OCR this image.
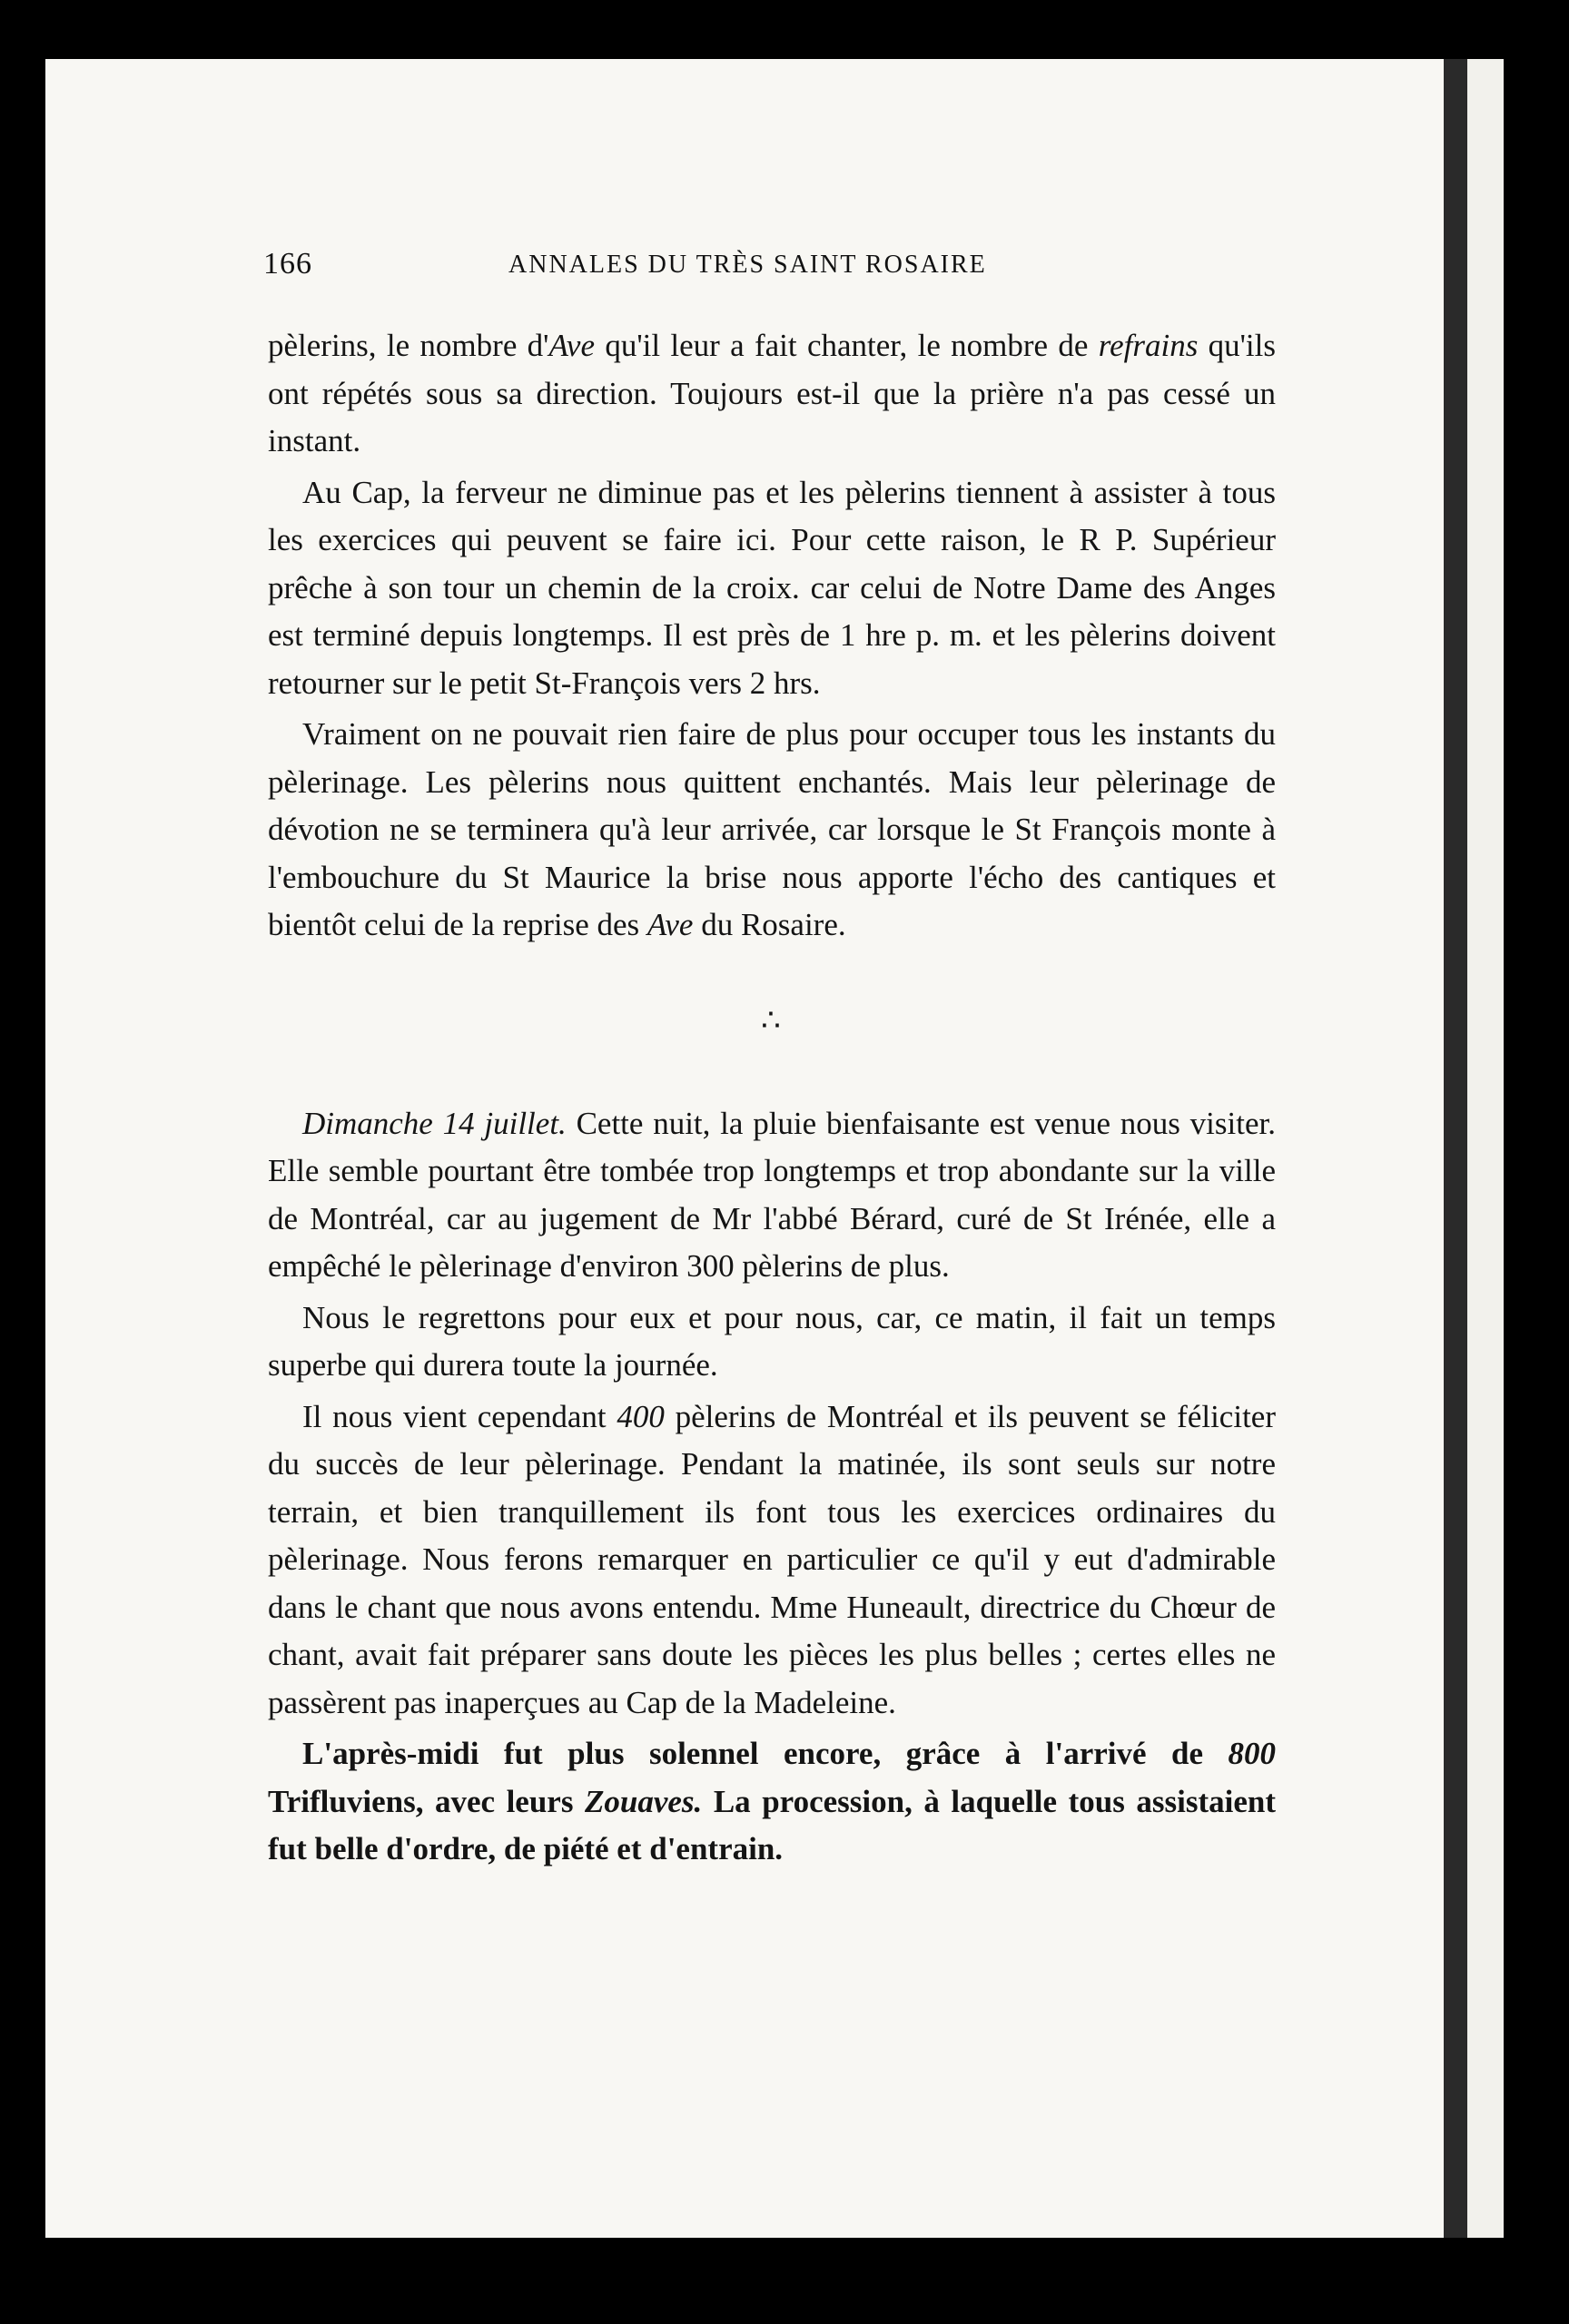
166	ANNALES DU TRÈS SAINT ROSAIRE

pèlerins, le nombre d'Ave qu'il leur a fait chanter, le nombre de refrains qu'ils ont répétés sous sa direction. Toujours est-il que la prière n'a pas cessé un instant.

Au Cap, la ferveur ne diminue pas et les pèlerins tiennent à assister à tous les exercices qui peuvent se faire ici. Pour cette raison, le R P. Supérieur prêche à son tour un chemin de la croix. car celui de Notre Dame des Anges est terminé depuis longtemps. Il est près de 1 hre p. m. et les pèlerins doivent retourner sur le petit St-François vers 2 hrs.

Vraiment on ne pouvait rien faire de plus pour occuper tous les instants du pèlerinage. Les pèlerins nous quittent enchantés. Mais leur pèlerinage de dévotion ne se terminera qu'à leur arrivée, car lorsque le St François monte à l'embouchure du St Maurice la brise nous apporte l'écho des cantiques et bientôt celui de la reprise des Ave du Rosaire.

∴

Dimanche 14 juillet. Cette nuit, la pluie bienfaisante est venue nous visiter. Elle semble pourtant être tombée trop longtemps et trop abondante sur la ville de Montréal, car au jugement de Mr l'abbé Bérard, curé de St Irénée, elle a empêché le pèlerinage d'environ 300 pèlerins de plus.

Nous le regrettons pour eux et pour nous, car, ce matin, il fait un temps superbe qui durera toute la journée.

Il nous vient cependant 400 pèlerins de Montréal et ils peuvent se féliciter du succès de leur pèlerinage. Pendant la matinée, ils sont seuls sur notre terrain, et bien tranquillement ils font tous les exercices ordinaires du pèlerinage. Nous ferons remarquer en particulier ce qu'il y eut d'admirable dans le chant que nous avons entendu. Mme Huneault, directrice du Chœur de chant, avait fait préparer sans doute les pièces les plus belles ; certes elles ne passèrent pas inaperçues au Cap de la Madeleine.

L'après-midi fut plus solennel encore, grâce à l'arrivé de 800 Trifluviens, avec leurs Zouaves. La procession, à laquelle tous assistaient fut belle d'ordre, de piété et d'entrain.
